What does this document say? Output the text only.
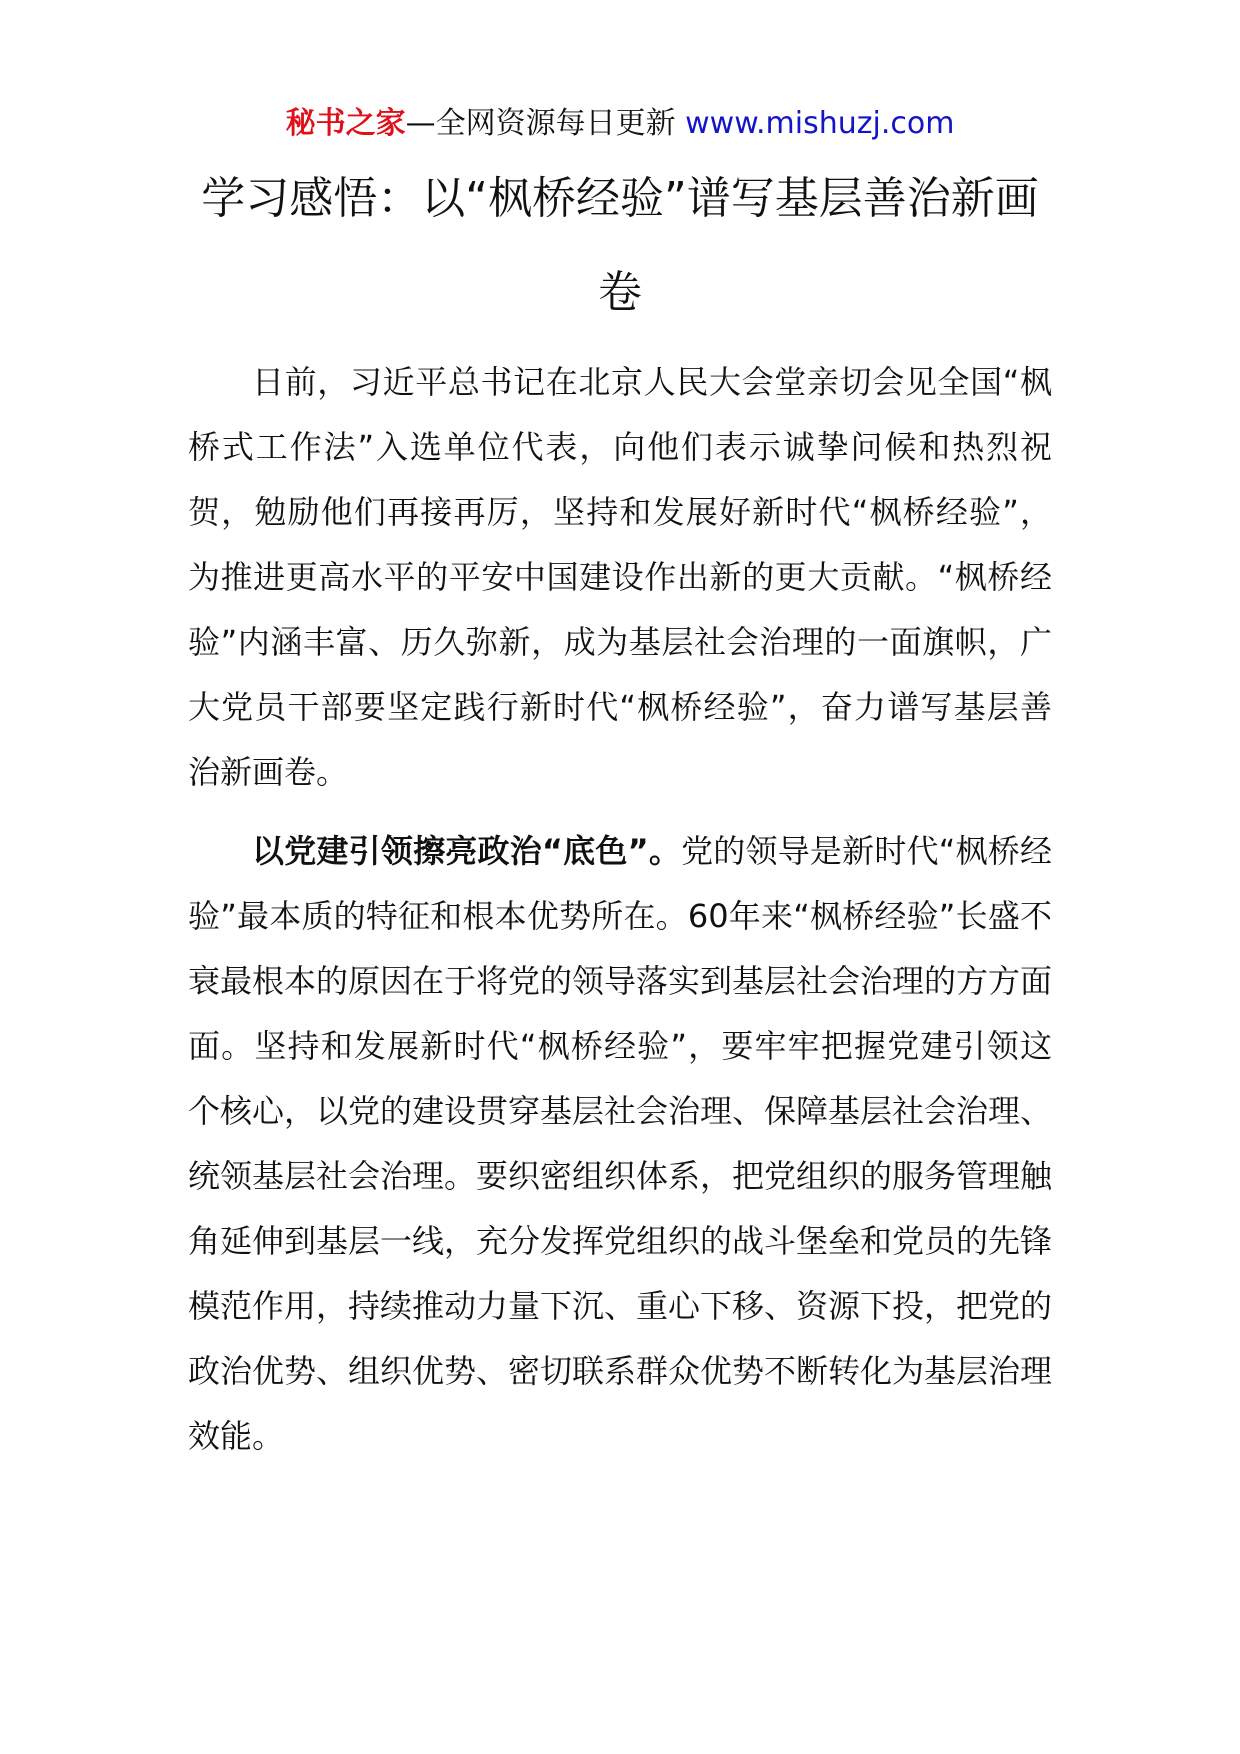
秘书之家—全网资源每日更新 www.mishuzj.com
学习感悟：以“枫桥经验”谱写基层善治新画卷

日前，习近平总书记在北京人民大会堂亲切会见全国“枫桥式工作法”入选单位代表，向他们表示诚挚问候和热烈祝贺，勉励他们再接再厉，坚持和发展好新时代“枫桥经验”，为推进更高水平的平安中国建设作出新的更大贡献。“枫桥经验”内涵丰富、历久弥新，成为基层社会治理的一面旗帜，广大党员干部要坚定践行新时代“枫桥经验”，奋力谱写基层善治新画卷。

以党建引领擦亮政治“底色”。党的领导是新时代“枫桥经验”最本质的特征和根本优势所在。60年来“枫桥经验”长盛不衰最根本的原因在于将党的领导落实到基层社会治理的方方面面。坚持和发展新时代“枫桥经验”，要牢牢把握党建引领这个核心，以党的建设贯穿基层社会治理、保障基层社会治理、统领基层社会治理。要织密组织体系，把党组织的服务管理触角延伸到基层一线，充分发挥党组织的战斗堡垒和党员的先锋模范作用，持续推动力量下沉、重心下移、资源下投，把党的政治优势、组织优势、密切联系群众优势不断转化为基层治理效能。
